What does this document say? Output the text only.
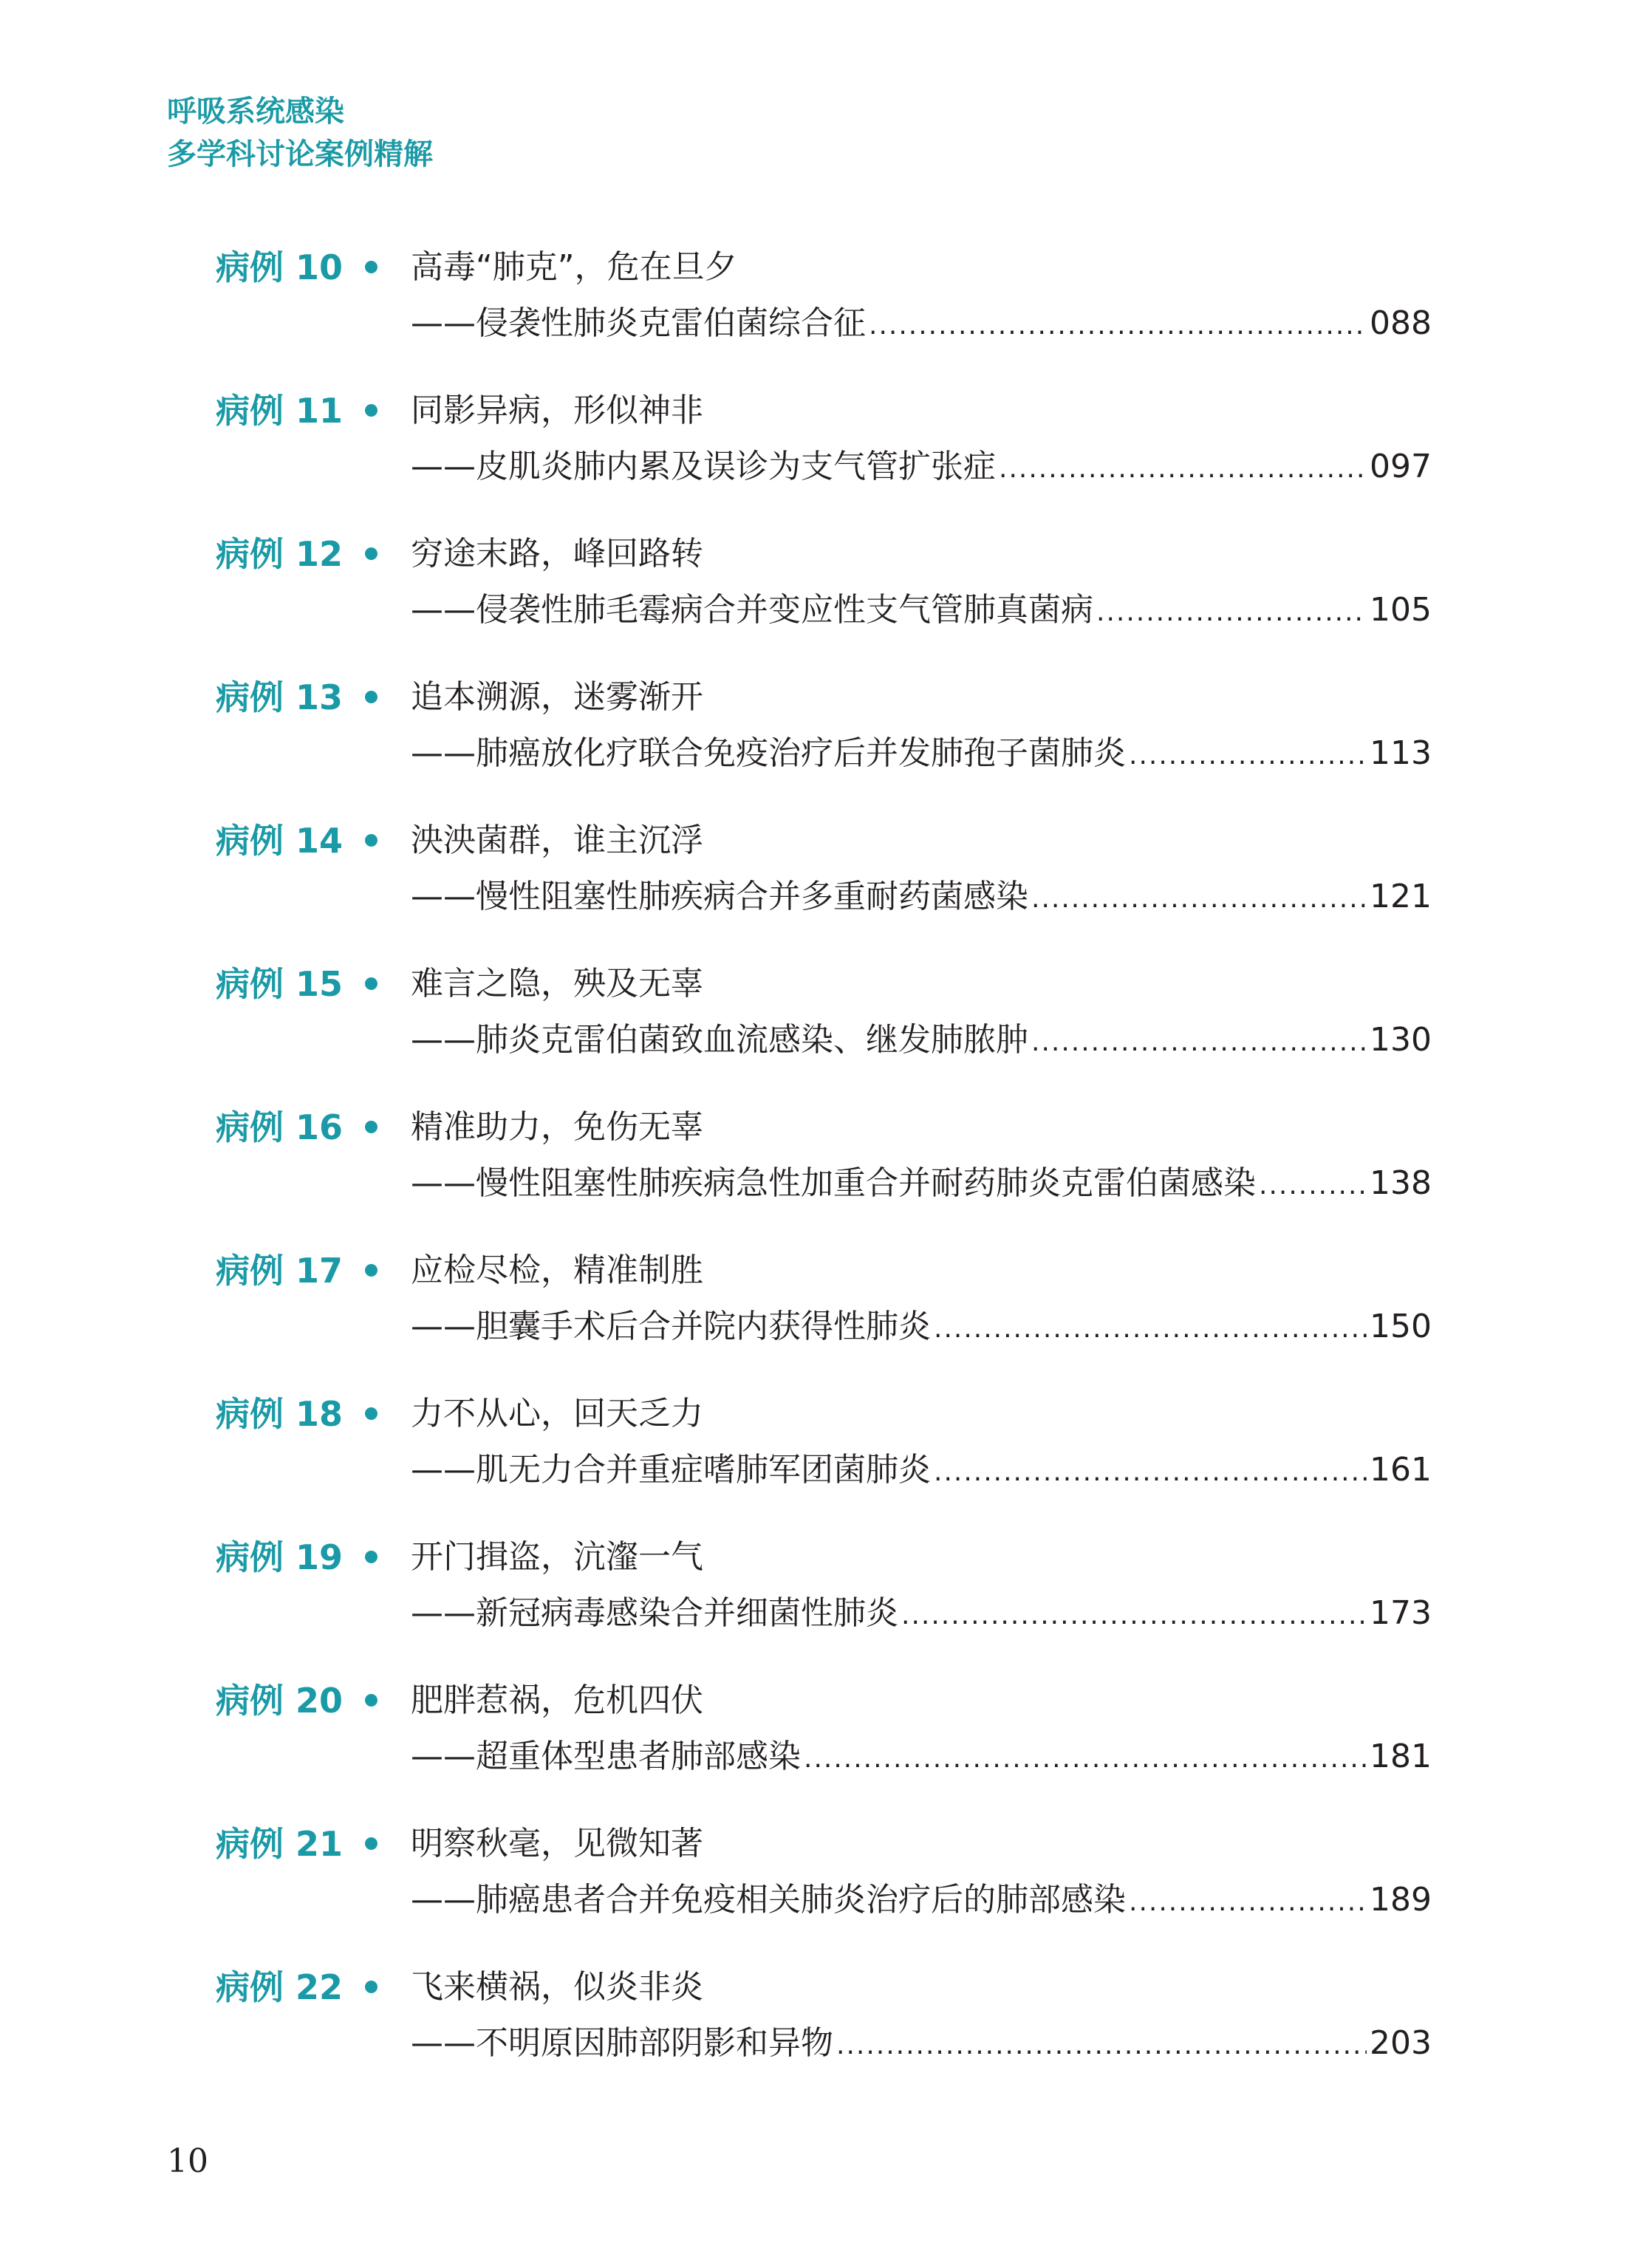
呼吸系统感染
多学科讨论案例精解
病例 10 高毒“肺克”，危在旦夕
——侵袭性肺炎克雷伯菌综合征 .....	088
病例 11 同影异病，形似神非
——皮肌炎肺内累及误诊为支气管扩张症 .....	097
病例 12 穷途末路，峰回路转
——侵袭性肺毛霉病合并变应性支气管肺真菌病 .....	105
病例 13 追本溯源，迷雾渐开
——肺癌放化疗联合免疫治疗后并发肺孢子菌肺炎 .....	113
病例 14 泱泱菌群，谁主沉浮
——慢性阻塞性肺疾病合并多重耐药菌感染 .....	121
病例 15 难言之隐，殃及无辜
——肺炎克雷伯菌致血流感染、继发肺脓肿 .....	130
病例 16 精准助力，免伤无辜
——慢性阻塞性肺疾病急性加重合并耐药肺炎克雷伯菌感染 .....	138
病例 17 应检尽检，精准制胜
——胆囊手术后合并院内获得性肺炎 .....	150
病例 18 力不从心，回天乏力
——肌无力合并重症嗜肺军团菌肺炎 .....	161
病例 19 开门揖盗，沆瀣一气
——新冠病毒感染合并细菌性肺炎 .....	173
病例 20 肥胖惹祸，危机四伏
——超重体型患者肺部感染 .....	181
病例 21 明察秋毫，见微知著
——肺癌患者合并免疫相关肺炎治疗后的肺部感染 .....	189
病例 22 飞来横祸，似炎非炎
——不明原因肺部阴影和异物 .....	203
10
